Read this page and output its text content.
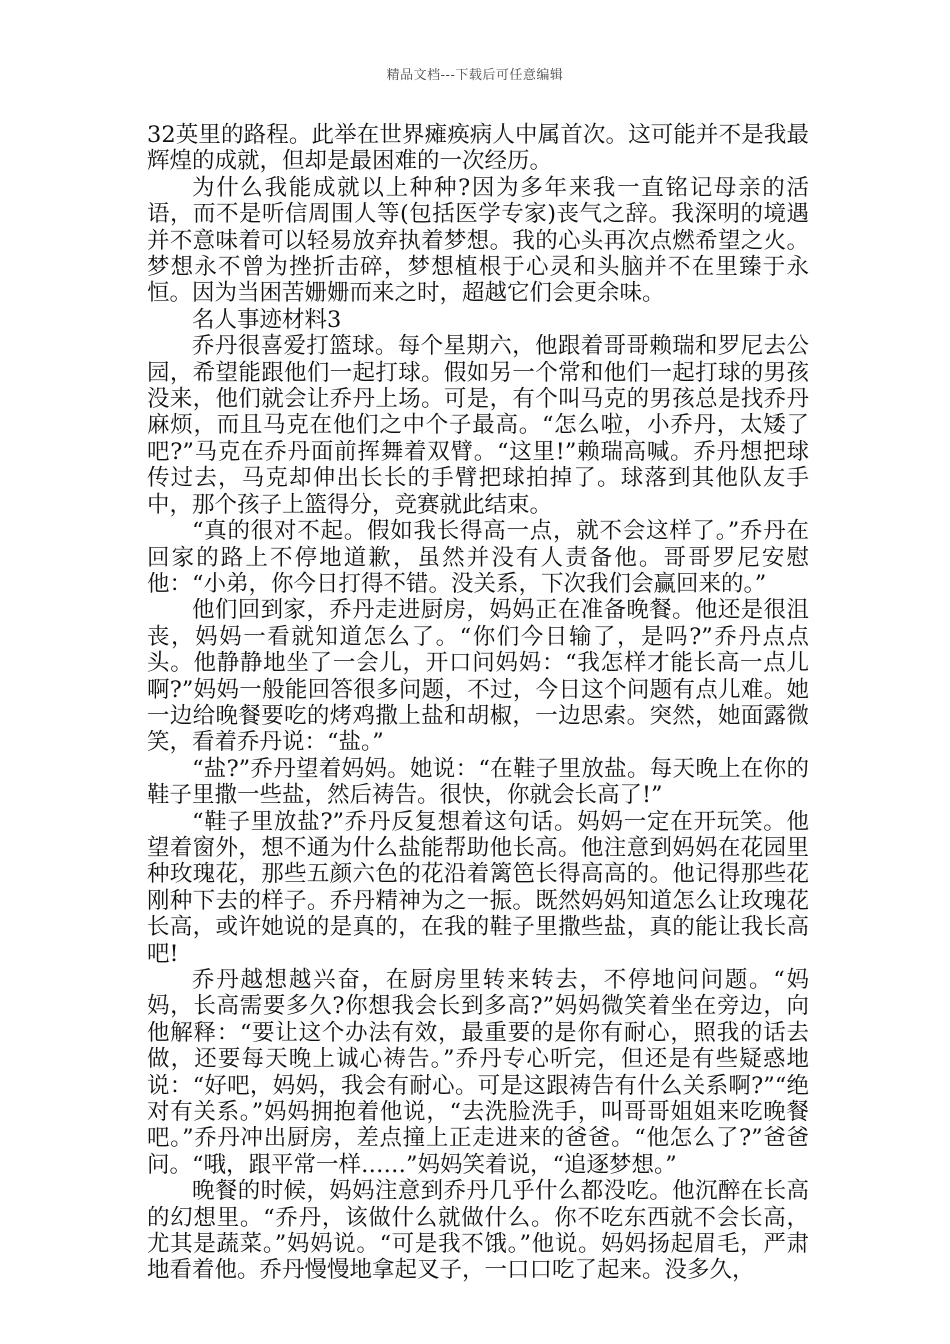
精品文档---下载后可任意编辑

32英里的路程。此举在世界瘫痪病人中属首次。这可能并不是我最辉煌的成就，但却是最困难的一次经历。

为什么我能成就以上种种?因为多年来我一直铭记母亲的活语，而不是听信周围人等(包括医学专家)丧气之辞。我深明的境遇并不意味着可以轻易放弃执着梦想。我的心头再次点燃希望之火。梦想永不曾为挫折击碎，梦想植根于心灵和头脑并不在里臻于永恒。因为当困苦姗姗而来之时，超越它们会更余味。

名人事迹材料3

乔丹很喜爱打篮球。每个星期六，他跟着哥哥赖瑞和罗尼去公园，希望能跟他们一起打球。假如另一个常和他们一起打球的男孩没来，他们就会让乔丹上场。可是，有个叫马克的男孩总是找乔丹麻烦，而且马克在他们之中个子最高。“怎么啦，小乔丹，太矮了吧?”马克在乔丹面前挥舞着双臂。“这里!”赖瑞高喊。乔丹想把球传过去，马克却伸出长长的手臂把球拍掉了。球落到其他队友手中，那个孩子上篮得分，竞赛就此结束。

“真的很对不起。假如我长得高一点，就不会这样了。”乔丹在回家的路上不停地道歉，虽然并没有人责备他。哥哥罗尼安慰他：“小弟，你今日打得不错。没关系，下次我们会赢回来的。”

他们回到家，乔丹走进厨房，妈妈正在准备晚餐。他还是很沮丧，妈妈一看就知道怎么了。“你们今日输了，是吗?”乔丹点点头。他静静地坐了一会儿，开口问妈妈：“我怎样才能长高一点儿啊?”妈妈一般能回答很多问题，不过，今日这个问题有点儿难。她一边给晚餐要吃的烤鸡撒上盐和胡椒，一边思索。突然，她面露微笑，看着乔丹说：“盐。”

“盐?”乔丹望着妈妈。她说：“在鞋子里放盐。每天晚上在你的鞋子里撒一些盐，然后祷告。很快，你就会长高了!”

“鞋子里放盐?”乔丹反复想着这句话。妈妈一定在开玩笑。他望着窗外，想不通为什么盐能帮助他长高。他注意到妈妈在花园里种玫瑰花，那些五颜六色的花沿着篱笆长得高高的。他记得那些花刚种下去的样子。乔丹精神为之一振。既然妈妈知道怎么让玫瑰花长高，或许她说的是真的，在我的鞋子里撒些盐，真的能让我长高吧!

乔丹越想越兴奋，在厨房里转来转去，不停地问问题。“妈妈，长高需要多久?你想我会长到多高?”妈妈微笑着坐在旁边，向他解释：“要让这个办法有效，最重要的是你有耐心，照我的话去做，还要每天晚上诚心祷告。”乔丹专心听完，但还是有些疑惑地说：“好吧，妈妈，我会有耐心。可是这跟祷告有什么关系啊?”“绝对有关系。”妈妈拥抱着他说，“去洗脸洗手，叫哥哥姐姐来吃晚餐吧。”乔丹冲出厨房，差点撞上正走进来的爸爸。“他怎么了?”爸爸问。“哦，跟平常一样……”妈妈笑着说，“追逐梦想。”

晚餐的时候，妈妈注意到乔丹几乎什么都没吃。他沉醉在长高的幻想里。“乔丹，该做什么就做什么。你不吃东西就不会长高，尤其是蔬菜。”妈妈说。“可是我不饿。”他说。妈妈扬起眉毛，严肃地看着他。乔丹慢慢地拿起叉子，一口口吃了起来。没多久，
